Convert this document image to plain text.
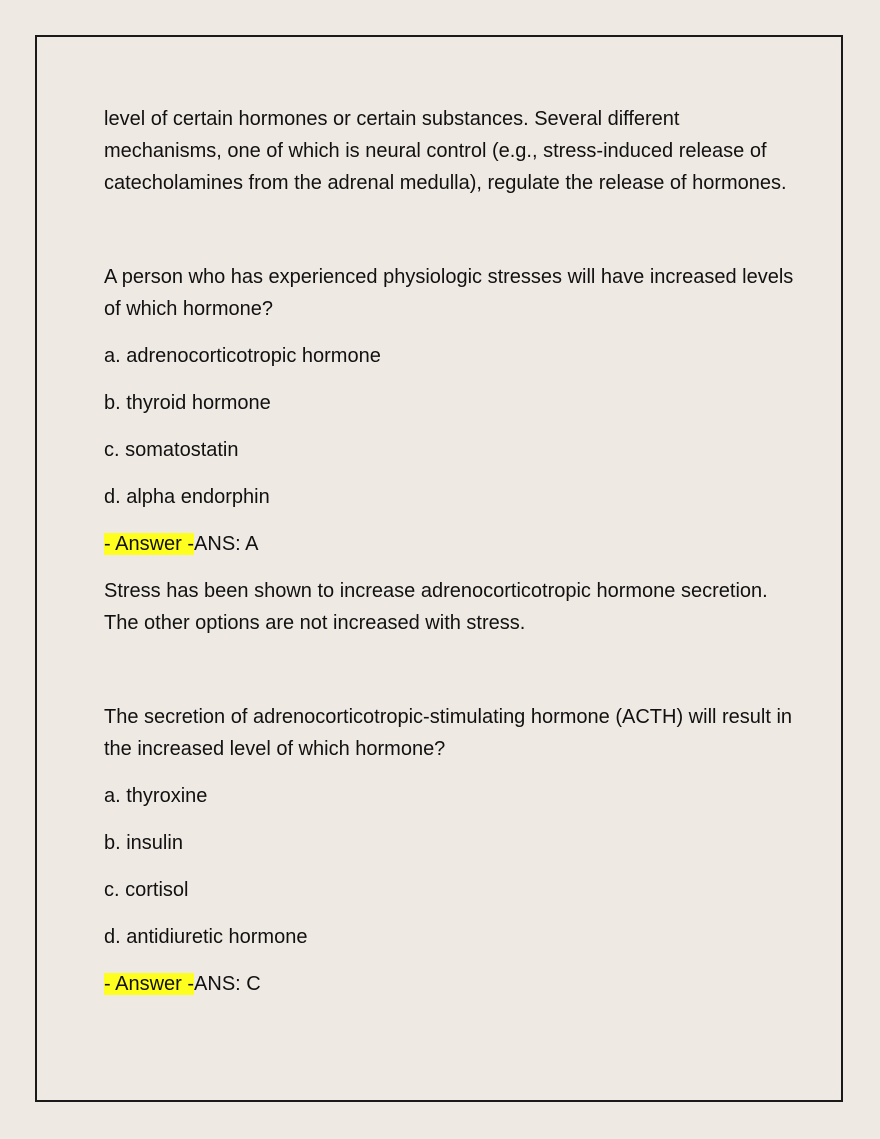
level of certain hormones or certain substances. Several different mechanisms, one of which is neural control (e.g., stress-induced release of catecholamines from the adrenal medulla), regulate the release of hormones.

A person who has experienced physiologic stresses will have increased levels of which hormone?

a. adrenocorticotropic hormone

b. thyroid hormone

c. somatostatin

d. alpha endorphin

- Answer -ANS: A

Stress has been shown to increase adrenocorticotropic hormone secretion. The other options are not increased with stress.

The secretion of adrenocorticotropic-stimulating hormone (ACTH) will result in the increased level of which hormone?

a. thyroxine

b. insulin

c. cortisol

d. antidiuretic hormone

- Answer -ANS: C
